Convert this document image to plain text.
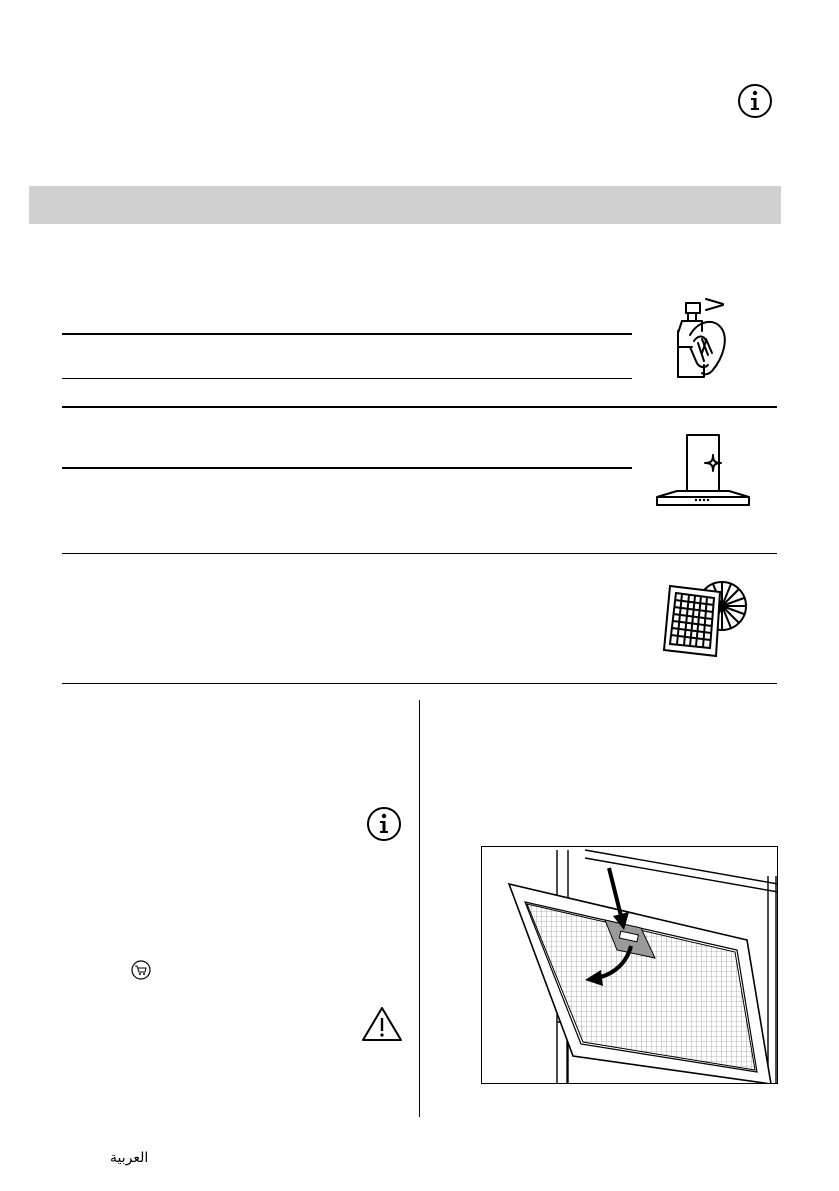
العربية
